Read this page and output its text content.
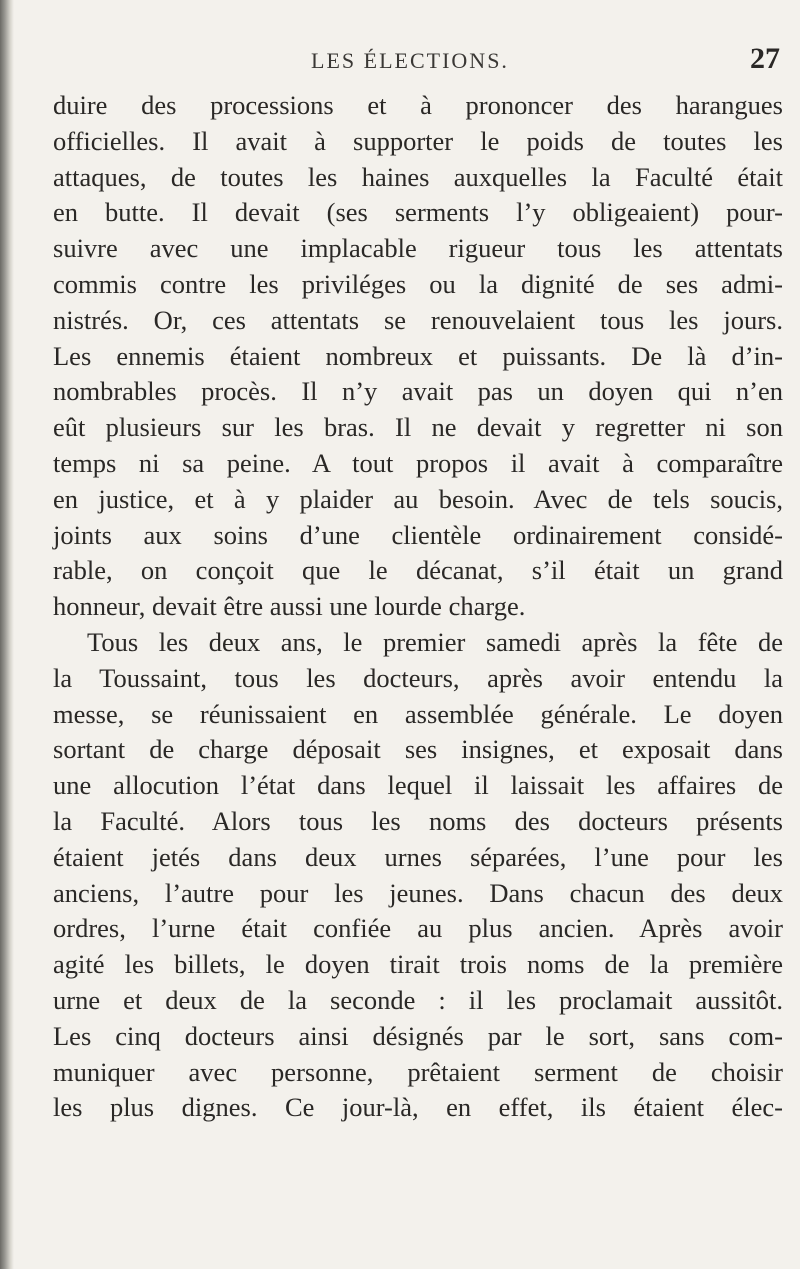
LES ÉLECTIONS.	27
duire des processions et à prononcer des harangues
officielles. Il avait à supporter le poids de toutes les
attaques, de toutes les haines auxquelles la Faculté était
en butte. Il devait (ses serments l’y obligeaient) pour-
suivre avec une implacable rigueur tous les attentats
commis contre les priviléges ou la dignité de ses admi-
nistrés. Or, ces attentats se renouvelaient tous les jours.
Les ennemis étaient nombreux et puissants. De là d’in-
nombrables procès. Il n’y avait pas un doyen qui n’en
eût plusieurs sur les bras. Il ne devait y regretter ni son
temps ni sa peine. A tout propos il avait à comparaître
en justice, et à y plaider au besoin. Avec de tels soucis,
joints aux soins d’une clientèle ordinairement considé-
rable, on conçoit que le décanat, s’il était un grand
honneur, devait être aussi une lourde charge.
Tous les deux ans, le premier samedi après la fête de
la Toussaint, tous les docteurs, après avoir entendu la
messe, se réunissaient en assemblée générale. Le doyen
sortant de charge déposait ses insignes, et exposait dans
une allocution l’état dans lequel il laissait les affaires de
la Faculté. Alors tous les noms des docteurs présents
étaient jetés dans deux urnes séparées, l’une pour les
anciens, l’autre pour les jeunes. Dans chacun des deux
ordres, l’urne était confiée au plus ancien. Après avoir
agité les billets, le doyen tirait trois noms de la première
urne et deux de la seconde : il les proclamait aussitôt.
Les cinq docteurs ainsi désignés par le sort, sans com-
muniquer avec personne, prêtaient serment de choisir
les plus dignes. Ce jour-là, en effet, ils étaient élec-
